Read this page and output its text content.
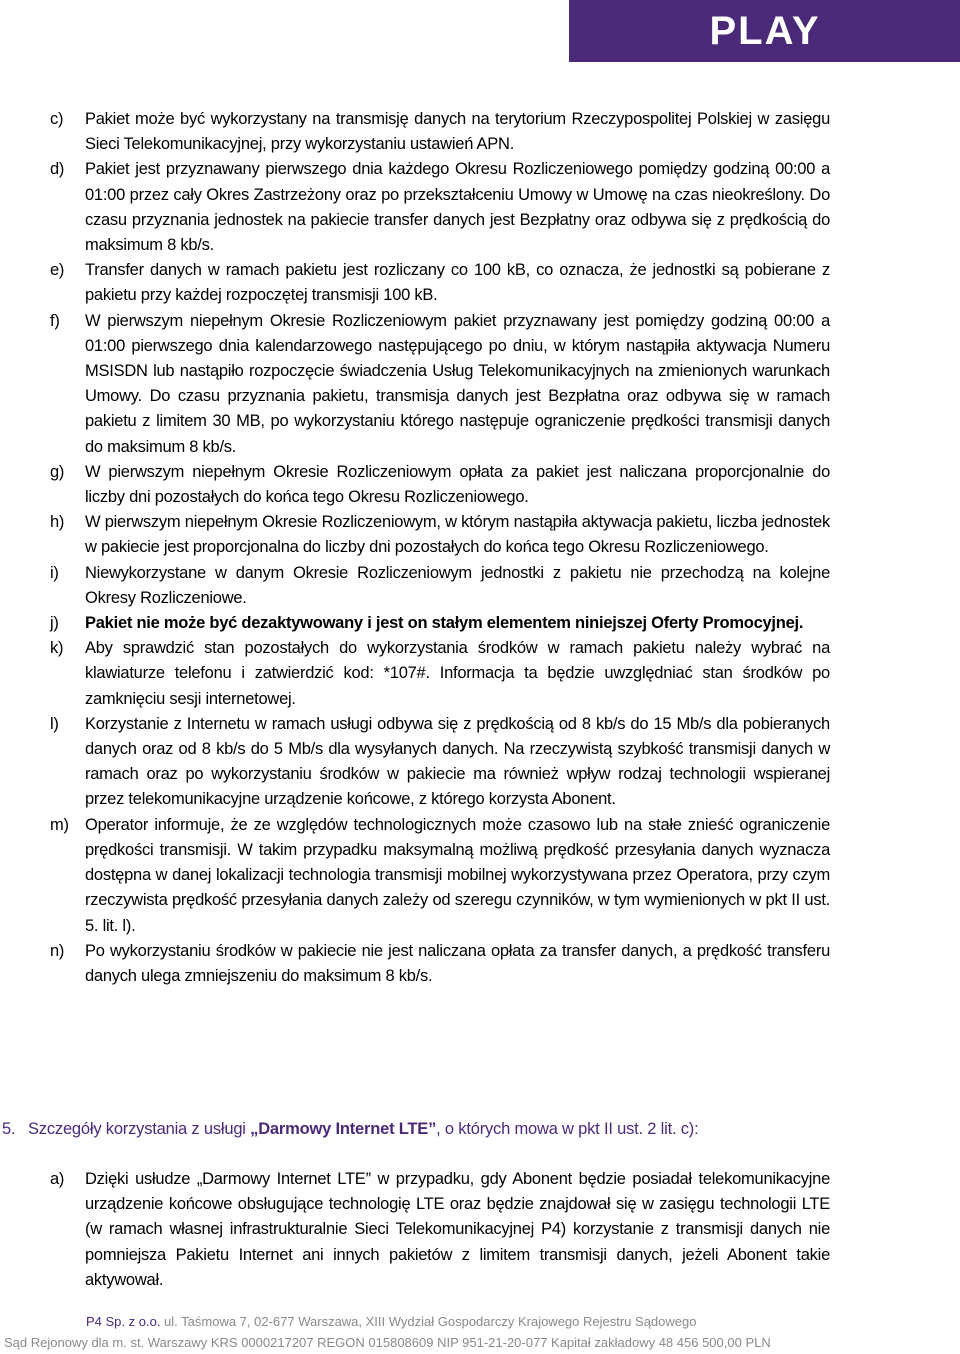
PLAY
c)	Pakiet może być wykorzystany na transmisję danych na terytorium Rzeczypospolitej Polskiej w zasięgu Sieci Telekomunikacyjnej, przy wykorzystaniu ustawień APN.
d)	Pakiet jest przyznawany pierwszego dnia każdego Okresu Rozliczeniowego pomiędzy godziną 00:00 a 01:00 przez cały Okres Zastrzeżony oraz po przekształceniu Umowy w Umowę na czas nieokreślony. Do czasu przyznania jednostek na pakiecie transfer danych jest Bezpłatny oraz odbywa się z prędkością do maksimum 8 kb/s.
e)	Transfer danych w ramach pakietu jest rozliczany co 100 kB, co oznacza, że jednostki są pobierane z pakietu przy każdej rozpoczętej transmisji 100 kB.
f)	W pierwszym niepełnym Okresie Rozliczeniowym pakiet przyznawany jest pomiędzy godziną 00:00 a 01:00 pierwszego dnia kalendarzowego następującego po dniu, w którym nastąpiła aktywacja Numeru MSISDN lub nastąpiło rozpoczęcie świadczenia Usług Telekomunikacyjnych na zmienionych warunkach Umowy. Do czasu przyznania pakietu, transmisja danych jest Bezpłatna oraz odbywa się w ramach pakietu z limitem 30 MB, po wykorzystaniu którego następuje ograniczenie prędkości transmisji danych do maksimum 8 kb/s.
g)	W pierwszym niepełnym Okresie Rozliczeniowym opłata za pakiet jest naliczana proporcjonalnie do liczby dni pozostałych do końca tego Okresu Rozliczeniowego.
h)	W pierwszym niepełnym Okresie Rozliczeniowym, w którym nastąpiła aktywacja pakietu, liczba jednostek w pakiecie jest proporcjonalna do liczby dni pozostałych do końca tego Okresu Rozliczeniowego.
i)	Niewykorzystane w danym Okresie Rozliczeniowym jednostki z pakietu nie przechodzą na kolejne Okresy Rozliczeniowe.
j)	Pakiet nie może być dezaktywowany i jest on stałym elementem niniejszej Oferty Promocyjnej.
k)	Aby sprawdzić stan pozostałych do wykorzystania środków w ramach pakietu należy wybrać na klawiaturze telefonu i zatwierdzić kod: *107#. Informacja ta będzie uwzględniać stan środków po zamknięciu sesji internetowej.
l)	Korzystanie z Internetu w ramach usługi odbywa się z prędkością od 8 kb/s do 15 Mb/s dla pobieranych danych oraz od 8 kb/s do 5 Mb/s dla wysyłanych danych. Na rzeczywistą szybkość transmisji danych w ramach oraz po wykorzystaniu środków w pakiecie ma również wpływ rodzaj technologii wspieranej przez telekomunikacyjne urządzenie końcowe, z którego korzysta Abonent.
m) Operator informuje, że ze względów technologicznych może czasowo lub na stałe znieść ograniczenie prędkości transmisji. W takim przypadku maksymalną możliwą prędkość przesyłania danych wyznacza dostępna w danej lokalizacji technologia transmisji mobilnej wykorzystywana przez Operatora, przy czym rzeczywista prędkość przesyłania danych zależy od szeregu czynników, w tym wymienionych w pkt II ust. 5. lit. l).
n)	Po wykorzystaniu środków w pakiecie nie jest naliczana opłata za transfer danych, a prędkość transferu danych ulega zmniejszeniu do maksimum 8 kb/s.
5. Szczegóły korzystania z usługi „Darmowy Internet LTE”, o których mowa w pkt II ust. 2 lit. c):
a)	Dzięki usłudze „Darmowy Internet LTE” w przypadku, gdy Abonent będzie posiadał telekomunikacyjne urządzenie końcowe obsługujące technologię LTE oraz będzie znajdował się w zasięgu technologii LTE (w ramach własnej infrastrukturalnie Sieci Telekomunikacyjnej P4) korzystanie z transmisji danych nie pomniejsza Pakietu Internet ani innych pakietów z limitem transmisji danych, jeżeli Abonent takie aktywował.
P4 Sp. z o.o. ul. Taśmowa 7, 02-677 Warszawa, XIII Wydział Gospodarczy Krajowego Rejestru Sądowego
Sąd Rejonowy dla m. st. Warszawy KRS 0000217207 REGON 015808609 NIP 951-21-20-077 Kapitał zakładowy 48 456 500,00 PLN
